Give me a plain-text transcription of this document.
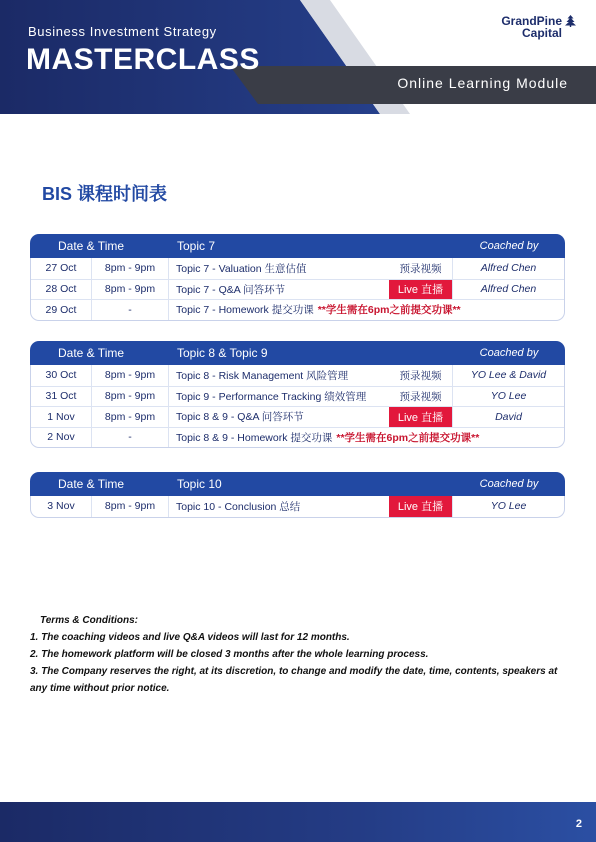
Business Investment Strategy
MASTERCLASS
Online Learning Module
GrandPine
Capital
BIS 课程时间表
Date & Time	Topic 7	Coached by
27 Oct	8pm - 9pm	Topic 7 - Valuation 生意估值	预录视频	Alfred Chen
28 Oct	8pm - 9pm	Topic 7 - Q&A 问答环节	Live 直播	Alfred Chen
29 Oct	-	Topic 7 - Homework 提交功课 **学生需在6pm之前提交功课**
Date & Time	Topic 8 & Topic 9	Coached by
30 Oct	8pm - 9pm	Topic 8 - Risk Management 风险管理	预录视频	YO Lee & David
31 Oct	8pm - 9pm	Topic 9 - Performance Tracking 绩效管理	预录视频	YO Lee
1 Nov	8pm - 9pm	Topic 8 & 9 - Q&A 问答环节	Live 直播	David
2 Nov	-	Topic 8 & 9 - Homework 提交功课 **学生需在6pm之前提交功课**
Date & Time	Topic 10	Coached by
3 Nov	8pm - 9pm	Topic 10 - Conclusion 总结	Live 直播	YO Lee
Terms & Conditions:
1. The coaching videos and live Q&A videos will last for 12 months.
2. The homework platform will be closed 3 months after the whole learning process.
3. The Company reserves the right, at its discretion, to change and modify the date, time, contents, speakers at any time without prior notice.
2
